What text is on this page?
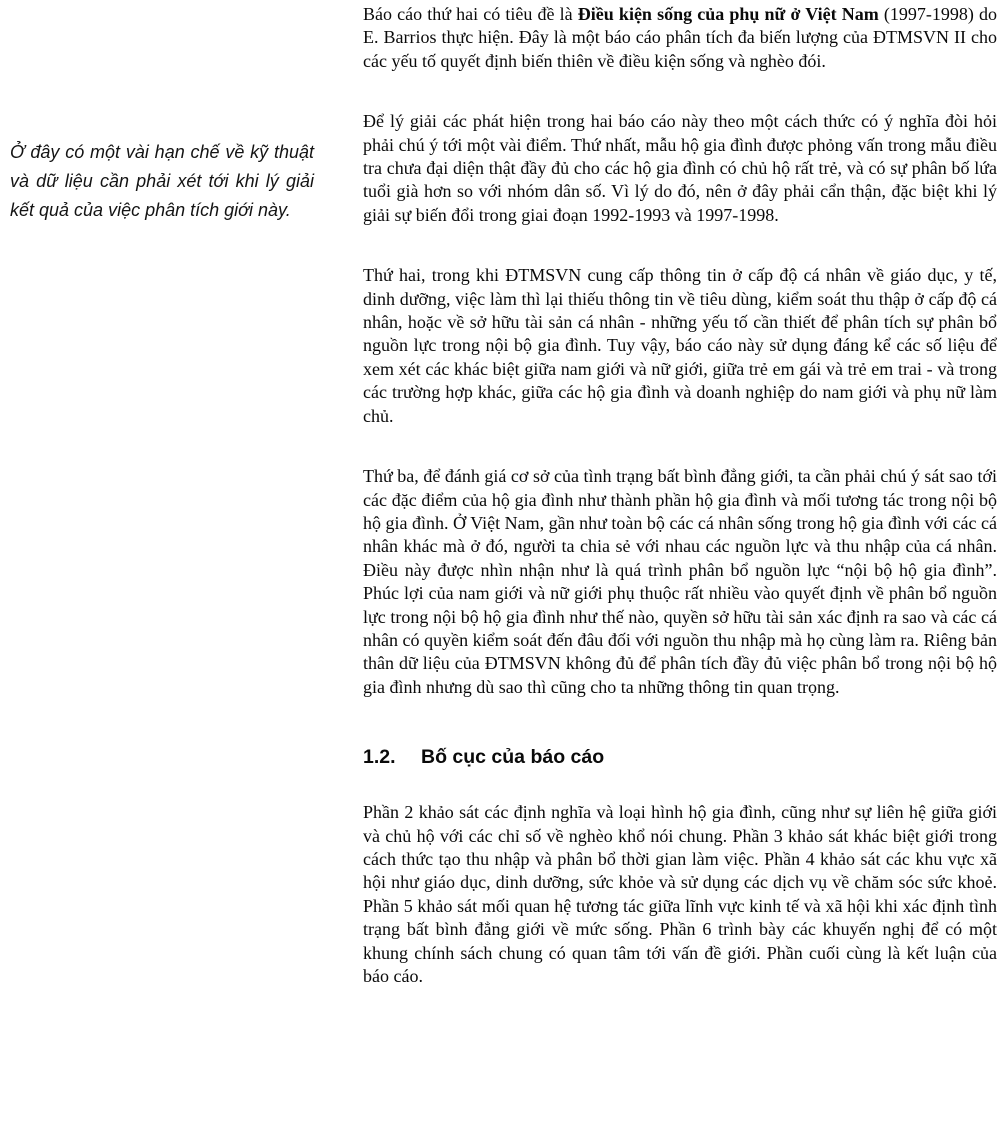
Ở đây có một vài hạn chế về kỹ thuật và dữ liệu cần phải xét tới khi lý giải kết quả của việc phân tích giới này.

Báo cáo thứ hai có tiêu đề là Điều kiện sống của phụ nữ ở Việt Nam (1997-1998) do E. Barrios thực hiện. Đây là một báo cáo phân tích đa biến lượng của ĐTMSVN II cho các yếu tố quyết định biến thiên về điều kiện sống và nghèo đói.

Để lý giải các phát hiện trong hai báo cáo này theo một cách thức có ý nghĩa đòi hỏi phải chú ý tới một vài điểm. Thứ nhất, mẫu hộ gia đình được phỏng vấn trong mẫu điều tra chưa đại diện thật đầy đủ cho các hộ gia đình có chủ hộ rất trẻ, và có sự phân bố lứa tuổi già hơn so với nhóm dân số. Vì lý do đó, nên ở đây phải cẩn thận, đặc biệt khi lý giải sự biến đổi trong giai đoạn 1992-1993 và 1997-1998.

Thứ hai, trong khi ĐTMSVN cung cấp thông tin ở cấp độ cá nhân về giáo dục, y tế, dinh dưỡng, việc làm thì lại thiếu thông tin về tiêu dùng, kiểm soát thu thập ở cấp độ cá nhân, hoặc về sở hữu tài sản cá nhân - những yếu tố cần thiết để phân tích sự phân bổ nguồn lực trong nội bộ gia đình. Tuy vậy, báo cáo này sử dụng đáng kể các số liệu để xem xét các khác biệt giữa nam giới và nữ giới, giữa trẻ em gái và trẻ em trai - và trong các trường hợp khác, giữa các hộ gia đình và doanh nghiệp do nam giới và phụ nữ làm chủ.

Thứ ba, để đánh giá cơ sở của tình trạng bất bình đẳng giới, ta cần phải chú ý sát sao tới các đặc điểm của hộ gia đình như thành phần hộ gia đình và mối tương tác trong nội bộ hộ gia đình. Ở Việt Nam, gần như toàn bộ các cá nhân sống trong hộ gia đình với các cá nhân khác mà ở đó, người ta chia sẻ với nhau các nguồn lực và thu nhập của cá nhân. Điều này được nhìn nhận như là quá trình phân bổ nguồn lực “nội bộ hộ gia đình”. Phúc lợi của nam giới và nữ giới phụ thuộc rất nhiều vào quyết định về phân bổ nguồn lực trong nội bộ hộ gia đình như thế nào, quyền sở hữu tài sản xác định ra sao và các cá nhân có quyền kiểm soát đến đâu đối với nguồn thu nhập mà họ cùng làm ra. Riêng bản thân dữ liệu của ĐTMSVN không đủ để phân tích đầy đủ việc phân bổ trong nội bộ hộ gia đình nhưng dù sao thì cũng cho ta những thông tin quan trọng.

1.2. Bố cục của báo cáo

Phần 2 khảo sát các định nghĩa và loại hình hộ gia đình, cũng như sự liên hệ giữa giới và chủ hộ với các chỉ số về nghèo khổ nói chung. Phần 3 khảo sát khác biệt giới trong cách thức tạo thu nhập và phân bổ thời gian làm việc. Phần 4 khảo sát các khu vực xã hội như giáo dục, dinh dưỡng, sức khỏe và sử dụng các dịch vụ về chăm sóc sức khoẻ. Phần 5 khảo sát mối quan hệ tương tác giữa lĩnh vực kinh tế và xã hội khi xác định tình trạng bất bình đẳng giới về mức sống. Phần 6 trình bày các khuyến nghị để có một khung chính sách chung có quan tâm tới vấn đề giới. Phần cuối cùng là kết luận của báo cáo.
